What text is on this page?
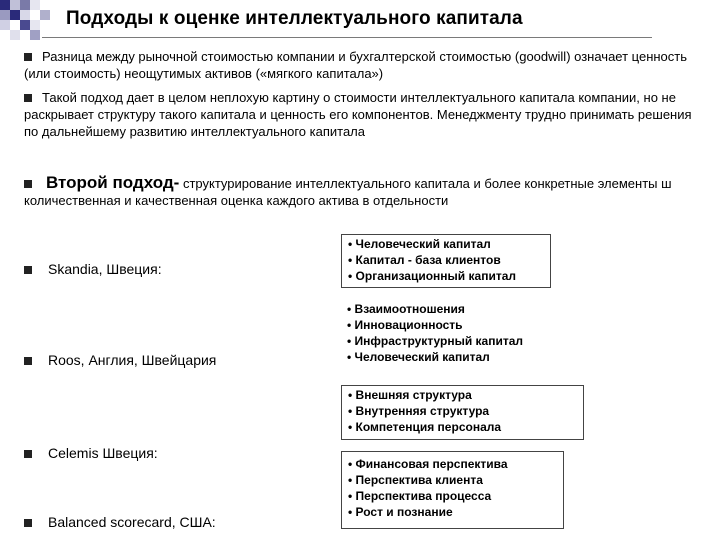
Подходы к оценке интеллектуального капитала
Разница между рыночной стоимостью компании и бухгалтерской стоимостью (goodwill) означает ценность (или стоимость) неощутимых активов («мягкого капитала»)
Такой подход дает в целом неплохую картину о стоимости интеллектуального капитала компании, но не раскрывает структуру такого капитала и ценность его компонентов. Менеджменту трудно принимать решения по дальнейшему развитию интеллектуального капитала
Второй подход- структурирование интеллектуального капитала и более конкретные элементы ш количественная и качественная оценка каждого актива в отдельности
Skandia, Швеция:
Roos, Англия, Швейцария
Celemis Швеция:
Balanced scorecard, США:
• Человеческий капитал
• Капитал - база клиентов
• Организационный капитал
• Взаимоотношения
• Инновационность
• Инфраструктурный капитал
• Человеческий капитал
• Внешняя структура
• Внутренняя структура
• Компетенция персонала
• Финансовая перспектива
• Перспектива клиента
• Перспектива процесса
• Рост и познание
